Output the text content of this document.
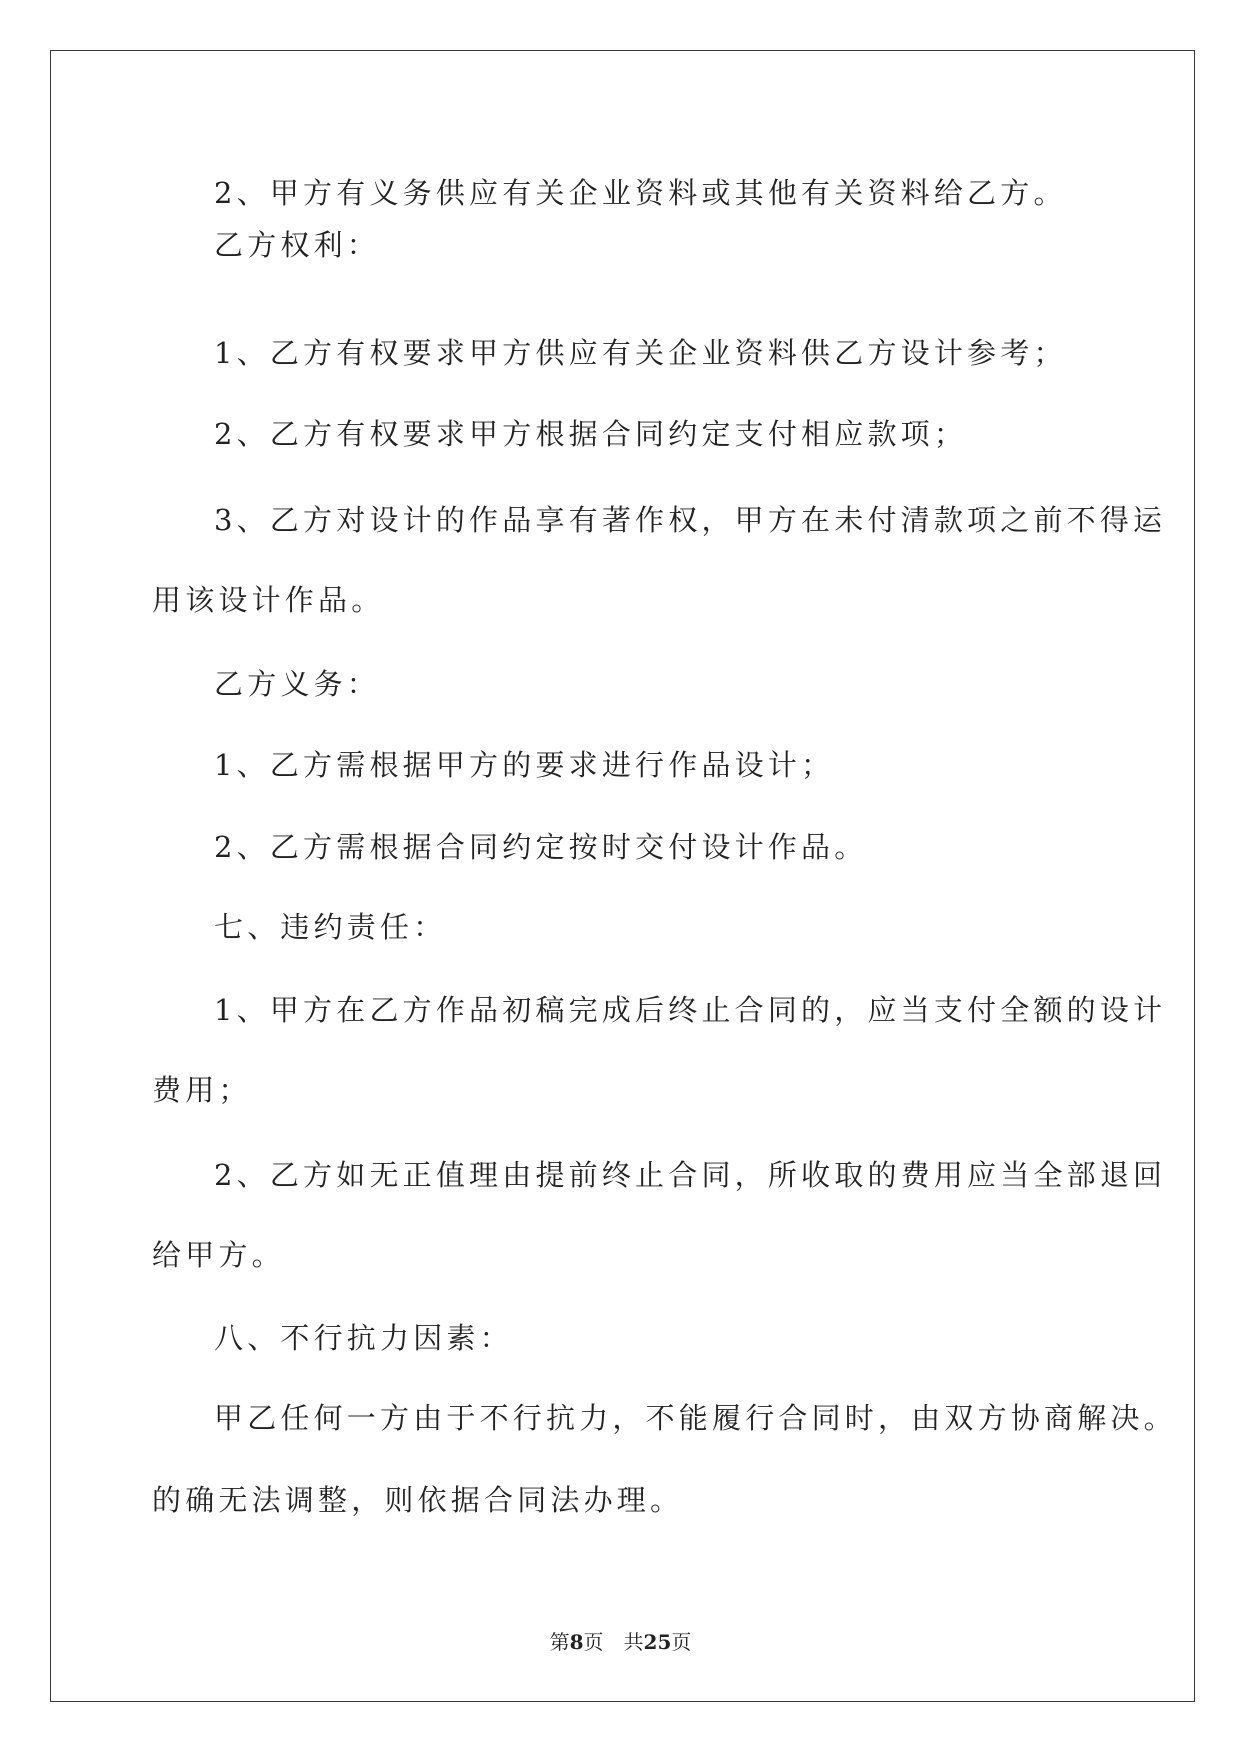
2、甲方有义务供应有关企业资料或其他有关资料给乙方。
乙方权利：
1、乙方有权要求甲方供应有关企业资料供乙方设计参考；
2、乙方有权要求甲方根据合同约定支付相应款项；
3、乙方对设计的作品享有著作权，甲方在未付清款项之前不得运
用该设计作品。
乙方义务：
1、乙方需根据甲方的要求进行作品设计；
2、乙方需根据合同约定按时交付设计作品。
七、违约责任：
1、甲方在乙方作品初稿完成后终止合同的，应当支付全额的设计
费用；
2、乙方如无正值理由提前终止合同，所收取的费用应当全部退回
给甲方。
八、不行抗力因素：
甲乙任何一方由于不行抗力，不能履行合同时，由双方协商解决。
的确无法调整，则依据合同法办理。
第8页　共25页
